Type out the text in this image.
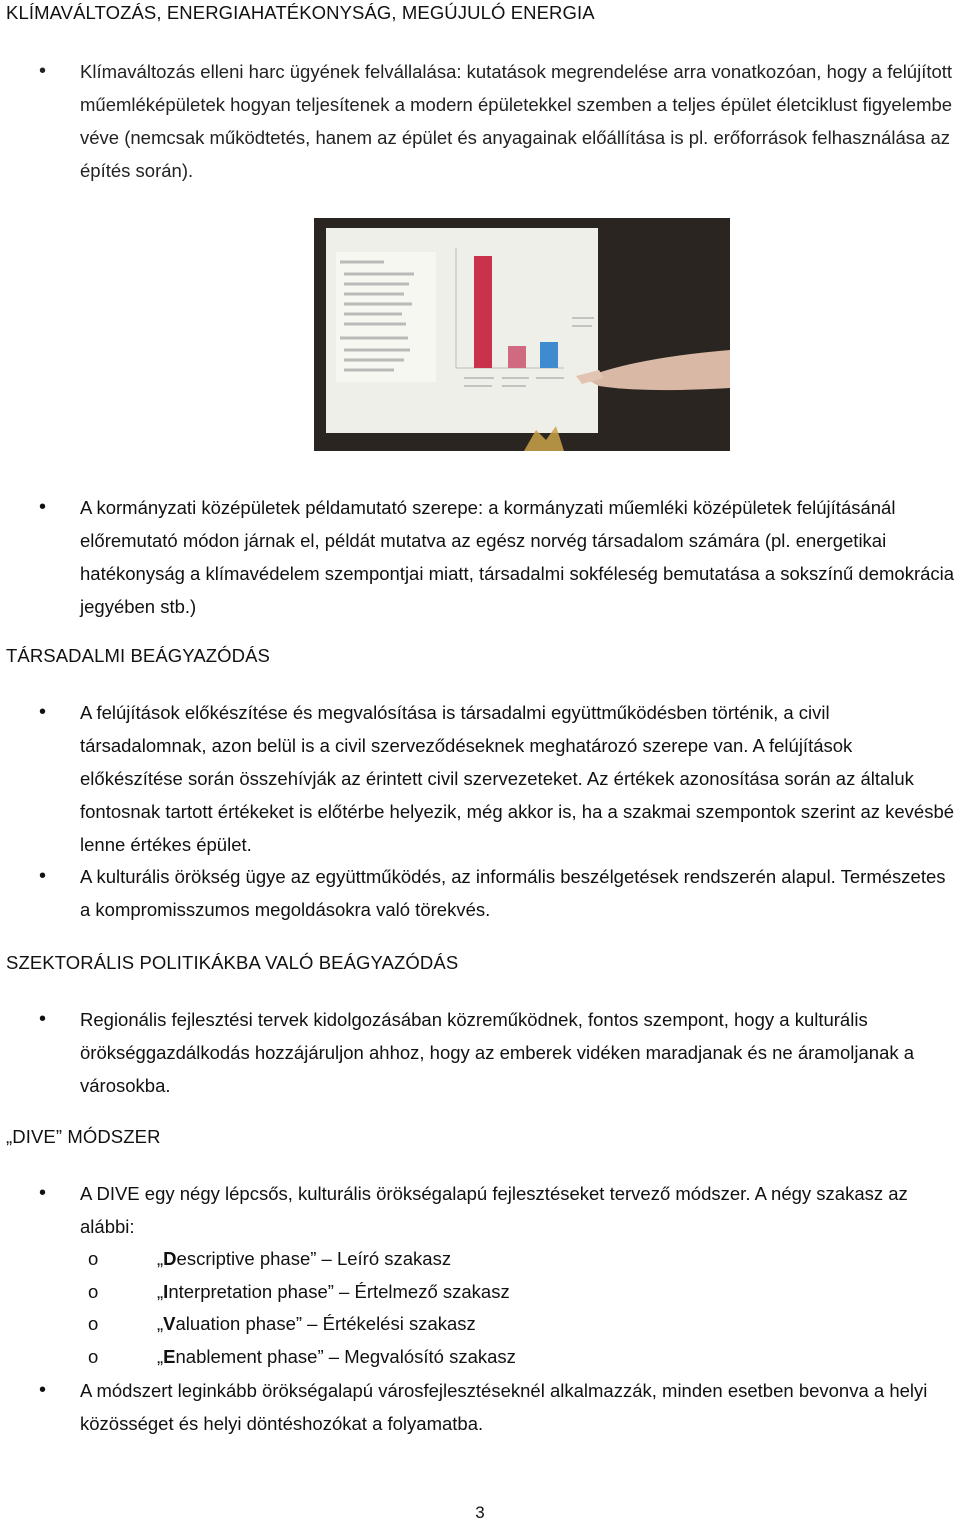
KLÍMAVÁLTOZÁS, ENERGIAHATÉKONYSÁG, MEGÚJULÓ ENERGIA
• Klímaváltozás elleni harc ügyének felvállalása: kutatások megrendelése arra vonatkozóan, hogy a felújított műemléképületek hogyan teljesítenek a modern épületekkel szemben a teljes épület életciklust figyelembe véve (nemcsak működtetés, hanem az épület és anyagainak előállítása is pl. erőforrások felhasználása az építés során).
• A kormányzati középületek példamutató szerepe: a kormányzati műemléki középületek felújításánál előremutató módon járnak el, példát mutatva az egész norvég társadalom számára (pl. energetikai hatékonyság a klímavédelem szempontjai miatt, társadalmi sokféleség bemutatása a sokszínű demokrácia jegyében stb.)
TÁRSADALMI BEÁGYAZÓDÁS
• A felújítások előkészítése és megvalósítása is társadalmi együttműködésben történik, a civil társadalomnak, azon belül is a civil szerveződéseknek meghatározó szerepe van. A felújítások előkészítése során összehívják az érintett civil szervezeteket. Az értékek azonosítása során az általuk fontosnak tartott értékeket is előtérbe helyezik, még akkor is, ha a szakmai szempontok szerint az kevésbé lenne értékes épület.
• A kulturális örökség ügye az együttműködés, az informális beszélgetések rendszerén alapul. Természetes a kompromisszumos megoldásokra való törekvés.
SZEKTORÁLIS POLITIKÁKBA VALÓ BEÁGYAZÓDÁS
• Regionális fejlesztési tervek kidolgozásában közreműködnek, fontos szempont, hogy a kulturális örökséggazdálkodás hozzájáruljon ahhoz, hogy az emberek vidéken maradjanak és ne áramoljanak a városokba.
„DIVE” MÓDSZER
• A DIVE egy négy lépcsős, kulturális örökségalapú fejlesztéseket tervező módszer. A négy szakasz az alábbi:
o	„Descriptive phase” – Leíró szakasz
o	„Interpretation phase” – Értelmező szakasz
o	„Valuation phase” – Értékelési szakasz
o	„Enablement phase” – Megvalósító szakasz
• A módszert leginkább örökségalapú városfejlesztéseknél alkalmazzák, minden esetben bevonva a helyi közösséget és helyi döntéshozókat a folyamatba.
3
